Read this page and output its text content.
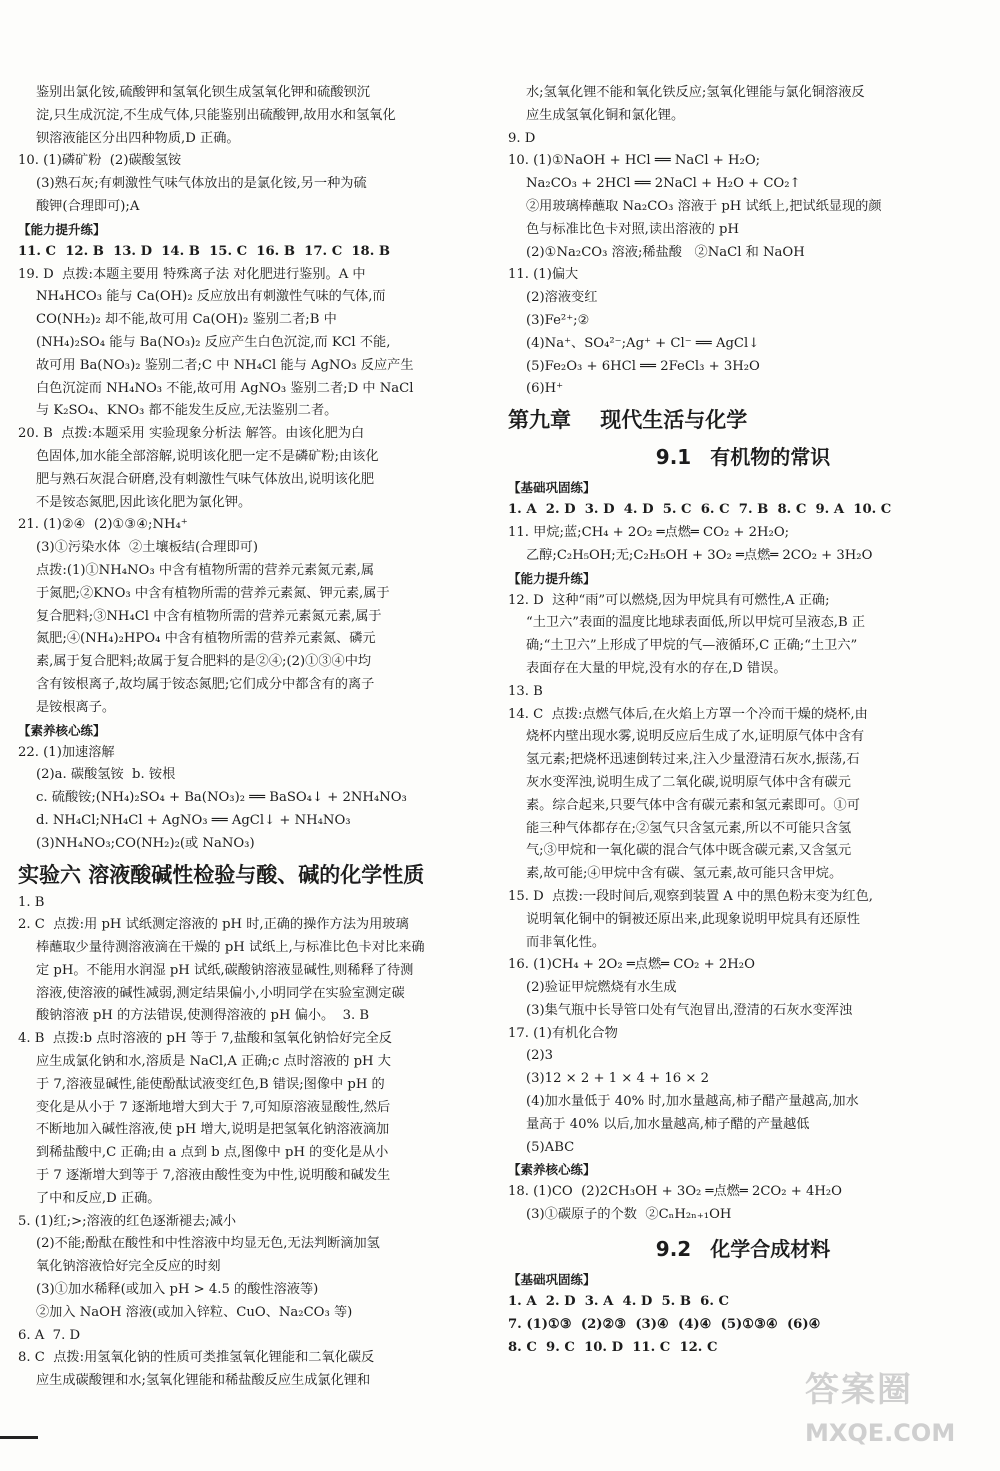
鉴别出氯化铵,硫酸钾和氢氧化钡生成氢氧化钾和硫酸钡沉
淀,只生成沉淀,不生成气体,只能鉴别出硫酸钾,故用水和氢氧化
钡溶液能区分出四种物质,D 正确。
10. (1)磷矿粉  (2)碳酸氢铵
(3)熟石灰;有刺激性气味气体放出的是氯化铵,另一种为硫
酸钾(合理即可);A
【能力提升练】
11. C  12. B  13. D  14. B  15. C  16. B  17. C  18. B
19. D  点拨:本题主要用 特殊离子法 对化肥进行鉴别。A 中
NH₄HCO₃ 能与 Ca(OH)₂ 反应放出有刺激性气味的气体,而
CO(NH₂)₂ 却不能,故可用 Ca(OH)₂ 鉴别二者;B 中
(NH₄)₂SO₄ 能与 Ba(NO₃)₂ 反应产生白色沉淀,而 KCl 不能,
故可用 Ba(NO₃)₂ 鉴别二者;C 中 NH₄Cl 能与 AgNO₃ 反应产生
白色沉淀而 NH₄NO₃ 不能,故可用 AgNO₃ 鉴别二者;D 中 NaCl
与 K₂SO₄、KNO₃ 都不能发生反应,无法鉴别二者。
20. B  点拨:本题采用 实验现象分析法 解答。由该化肥为白
色固体,加水能全部溶解,说明该化肥一定不是磷矿粉;由该化
肥与熟石灰混合研磨,没有刺激性气味气体放出,说明该化肥
不是铵态氮肥,因此该化肥为氯化钾。
21. (1)②④  (2)①③④;NH₄⁺
(3)①污染水体  ②土壤板结(合理即可)
点拨:(1)①NH₄NO₃ 中含有植物所需的营养元素氮元素,属
于氮肥;②KNO₃ 中含有植物所需的营养元素氮、钾元素,属于
复合肥料;③NH₄Cl 中含有植物所需的营养元素氮元素,属于
氮肥;④(NH₄)₂HPO₄ 中含有植物所需的营养元素氮、磷元
素,属于复合肥料;故属于复合肥料的是②④;(2)①③④中均
含有铵根离子,故均属于铵态氮肥;它们成分中都含有的离子
是铵根离子。
【素养核心练】
22. (1)加速溶解
(2)a. 碳酸氢铵  b. 铵根
c. 硫酸铵;(NH₄)₂SO₄ + Ba(NO₃)₂ ══ BaSO₄↓ + 2NH₄NO₃
d. NH₄Cl;NH₄Cl + AgNO₃ ══ AgCl↓ + NH₄NO₃
(3)NH₄NO₃;CO(NH₂)₂(或 NaNO₃)
实验六 溶液酸碱性检验与酸、碱的化学性质
1. B
2. C  点拨:用 pH 试纸测定溶液的 pH 时,正确的操作方法为用玻璃
棒蘸取少量待测溶液滴在干燥的 pH 试纸上,与标准比色卡对比来确
定 pH。不能用水润湿 pH 试纸,碳酸钠溶液显碱性,则稀释了待测
溶液,使溶液的碱性减弱,测定结果偏小,小明同学在实验室测定碳
酸钠溶液 pH 的方法错误,使测得溶液的 pH 偏小。  3. B
4. B  点拨:b 点时溶液的 pH 等于 7,盐酸和氢氧化钠恰好完全反
应生成氯化钠和水,溶质是 NaCl,A 正确;c 点时溶液的 pH 大
于 7,溶液显碱性,能使酚酞试液变红色,B 错误;图像中 pH 的
变化是从小于 7 逐渐地增大到大于 7,可知原溶液显酸性,然后
不断地加入碱性溶液,使 pH 增大,说明是把氢氧化钠溶液滴加
到稀盐酸中,C 正确;由 a 点到 b 点,图像中 pH 的变化是从小
于 7 逐渐增大到等于 7,溶液由酸性变为中性,说明酸和碱发生
了中和反应,D 正确。
5. (1)红;>;溶液的红色逐渐褪去;减小
(2)不能;酚酞在酸性和中性溶液中均显无色,无法判断滴加氢
氧化钠溶液恰好完全反应的时刻
(3)①加水稀释(或加入 pH > 4.5 的酸性溶液等)
②加入 NaOH 溶液(或加入锌粒、CuO、Na₂CO₃ 等)
6. A  7. D
8. C  点拨:用氢氧化钠的性质可类推氢氧化锂能和二氧化碳反
应生成碳酸锂和水;氢氧化锂能和稀盐酸反应生成氯化锂和
水;氢氧化锂不能和氧化铁反应;氢氧化锂能与氯化铜溶液反
应生成氢氧化铜和氯化锂。
9. D
10. (1)①NaOH + HCl ══ NaCl + H₂O;
Na₂CO₃ + 2HCl ══ 2NaCl + H₂O + CO₂↑
②用玻璃棒蘸取 Na₂CO₃ 溶液于 pH 试纸上,把试纸显现的颜
色与标准比色卡对照,读出溶液的 pH
(2)①Na₂CO₃ 溶液;稀盐酸   ②NaCl 和 NaOH
11. (1)偏大
(2)溶液变红
(3)Fe²⁺;②
(4)Na⁺、SO₄²⁻;Ag⁺ + Cl⁻ ══ AgCl↓
(5)Fe₂O₃ + 6HCl ══ 2FeCl₃ + 3H₂O
(6)H⁺
第九章 现代生活与化学
9.1 有机物的常识
【基础巩固练】
1. A  2. D  3. D  4. D  5. C  6. C  7. B  8. C  9. A  10. C
11. 甲烷;蓝;CH₄ + 2O₂ ═点燃═ CO₂ + 2H₂O;
乙醇;C₂H₅OH;无;C₂H₅OH + 3O₂ ═点燃═ 2CO₂ + 3H₂O
【能力提升练】
12. D  这种“雨”可以燃烧,因为甲烷具有可燃性,A 正确;
“土卫六”表面的温度比地球表面低,所以甲烷可呈液态,B 正
确;“土卫六”上形成了甲烷的气—液循环,C 正确;“土卫六”
表面存在大量的甲烷,没有水的存在,D 错误。
13. B
14. C  点拨:点燃气体后,在火焰上方罩一个冷而干燥的烧杯,由
烧杯内壁出现水雾,说明反应后生成了水,证明原气体中含有
氢元素;把烧杯迅速倒转过来,注入少量澄清石灰水,振荡,石
灰水变浑浊,说明生成了二氧化碳,说明原气体中含有碳元
素。综合起来,只要气体中含有碳元素和氢元素即可。①可
能三种气体都存在;②氢气只含氢元素,所以不可能只含氢
气;③甲烷和一氧化碳的混合气体中既含碳元素,又含氢元
素,故可能;④甲烷中含有碳、氢元素,故可能只含甲烷。
15. D  点拨:一段时间后,观察到装置 A 中的黑色粉末变为红色,
说明氧化铜中的铜被还原出来,此现象说明甲烷具有还原性
而非氧化性。
16. (1)CH₄ + 2O₂ ═点燃═ CO₂ + 2H₂O
(2)验证甲烷燃烧有水生成
(3)集气瓶中长导管口处有气泡冒出,澄清的石灰水变浑浊
17. (1)有机化合物
(2)3
(3)12 × 2 + 1 × 4 + 16 × 2
(4)加水量低于 40% 时,加水量越高,柿子醋产量越高,加水
量高于 40% 以后,加水量越高,柿子醋的产量越低
(5)ABC
【素养核心练】
18. (1)CO  (2)2CH₃OH + 3O₂ ═点燃═ 2CO₂ + 4H₂O
(3)①碳原子的个数  ②CₙH₂ₙ₊₁OH
9.2 化学合成材料
【基础巩固练】
1. A  2. D  3. A  4. D  5. B  6. C
7. (1)①③  (2)②③  (3)④  (4)④  (5)①③④  (6)④
8. C  9. C  10. D  11. C  12. C
答案圈
MXQE.COM
